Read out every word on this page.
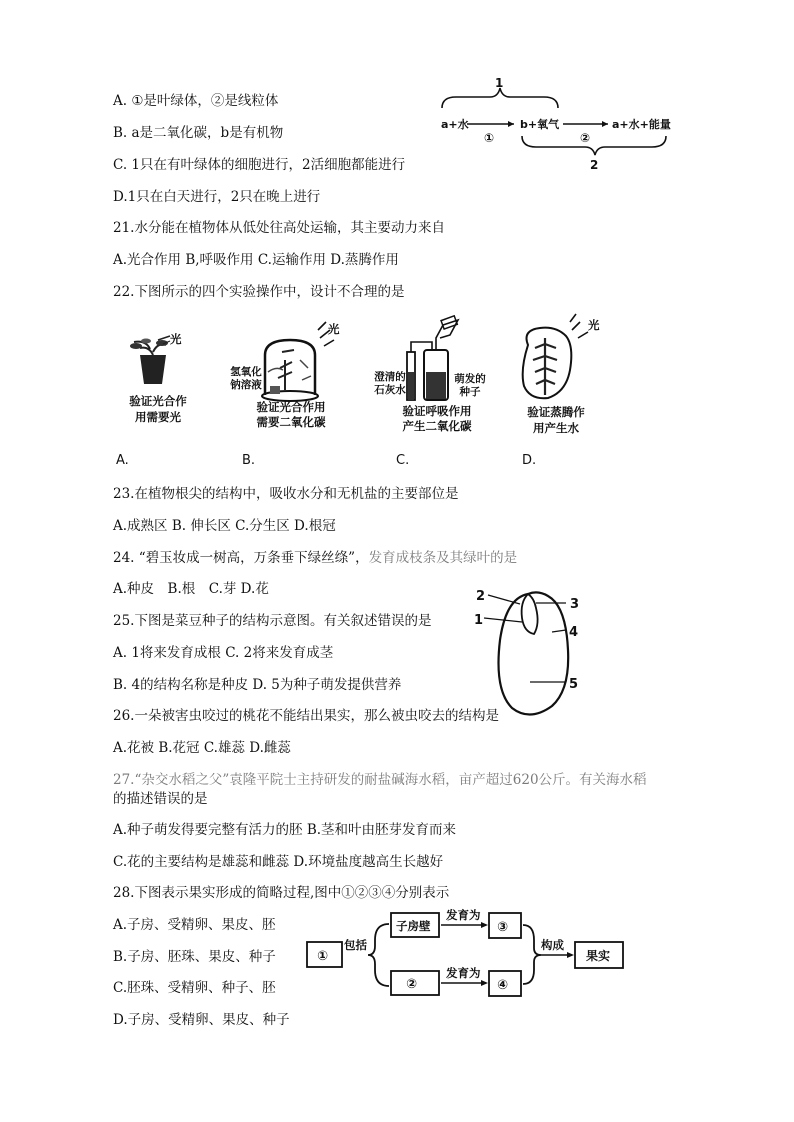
A. ①是叶绿体，②是线粒体
B. a是二氧化碳，b是有机物
C. 1只在有叶绿体的细胞进行，2活细胞都能进行
D.1只在白天进行，2只在晚上进行
1
a+水
①
b+氧气
②
a+水+能量
2
21.水分能在植物体从低处往高处运输，其主要动力来自
A.光合作用 B,呼吸作用 C.运输作用 D.蒸腾作用
22.下图所示的四个实验操作中，设计不合理的是
光
验证光合作
用需要光
光
氢氧化
钠溶液
验证光合作用
需要二氧化碳
澄清的
石灰水
萌发的
种子
验证呼吸作用
产生二氧化碳
光
验证蒸腾作
用产生水
A.	B.	C.	D.
23.在植物根尖的结构中，吸收水分和无机盐的主要部位是
A.成熟区 B. 伸长区 C.分生区 D.根冠
24. “碧玉妆成一树高，万条垂下绿丝绦”，发育成枝条及其绿叶的是
A.种皮　B.根　C.芽 D.花
25.下图是菜豆种子的结构示意图。有关叙述错误的是
A. 1将来发育成根 C. 2将来发育成茎
B. 4的结构名称是种皮 D. 5为种子萌发提供营养
1
2
3
4
5
26.一朵被害虫咬过的桃花不能结出果实，那么被虫咬去的结构是
A.花被 B.花冠 C.雄蕊 D.雌蕊
27.“杂交水稻之父”袁隆平院士主持研发的耐盐碱海水稻，亩产超过620公斤。有关海水稻
的描述错误的是
A.种子萌发得要完整有活力的胚 B.茎和叶由胚芽发育而来
C.花的主要结构是雄蕊和雌蕊 D.环境盐度越高生长越好
28.下图表示果实形成的简略过程,图中①②③④分别表示
A.子房、受精卵、果皮、胚
B.子房、胚珠、果皮、种子
C.胚珠、受精卵、种子、胚
D.子房、受精卵、果皮、种子
①
包括
子房壁
发育为
③
②
发育为
④
构成
果实
